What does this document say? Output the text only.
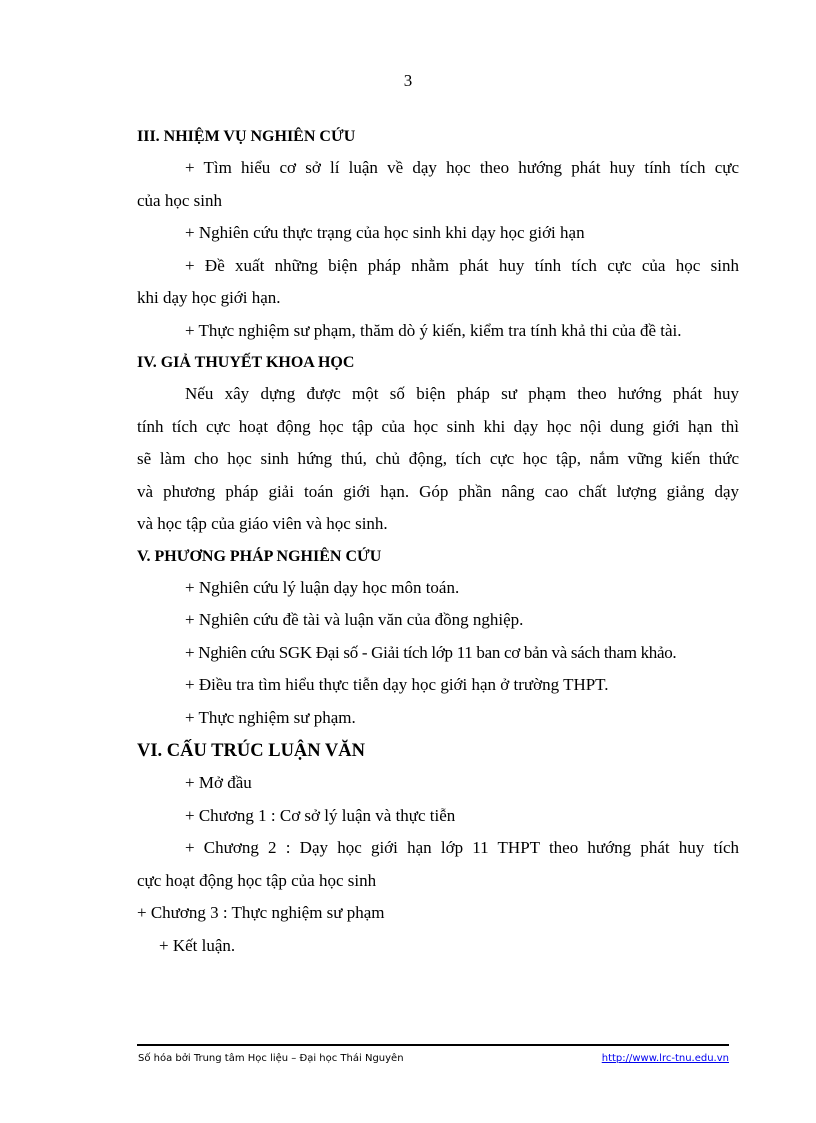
3
III. NHIỆM VỤ NGHIÊN CỨU
+ Tìm hiểu cơ sở lí luận về dạy học theo hướng phát huy tính tích cực
của học sinh
+ Nghiên cứu thực trạng của học sinh khi dạy học giới hạn
+ Đề xuất những biện pháp nhằm phát huy tính tích cực của học sinh
khi dạy học giới hạn.
+ Thực nghiệm sư phạm, thăm dò ý kiến, kiểm tra tính khả thi của đề tài.
IV. GIẢ THUYẾT KHOA HỌC
Nếu xây dựng được một số biện pháp sư phạm theo hướng phát huy
tính tích cực hoạt động học tập của học sinh khi dạy học nội dung giới hạn thì
sẽ làm cho học sinh hứng thú, chủ động, tích cực học tập, nắm vững kiến thức
và phương pháp giải toán giới hạn. Góp phần nâng cao chất lượng giảng dạy
và học tập của giáo viên và học sinh.
V. PHƯƠNG PHÁP NGHIÊN CỨU
+ Nghiên cứu lý luận dạy học môn toán.
+ Nghiên cứu đề tài và luận văn của đồng nghiệp.
+ Nghiên cứu SGK Đại số - Giải tích lớp 11 ban cơ bản và sách tham khảo.
+ Điều tra tìm hiểu thực tiễn dạy học giới hạn ở trường THPT.
+ Thực nghiệm sư phạm.
VI. CẤU TRÚC LUẬN VĂN
+ Mở đầu
+ Chương 1 : Cơ sở lý luận và thực tiễn
+ Chương 2 : Dạy học giới hạn lớp 11 THPT theo hướng phát huy tích
cực hoạt động học tập của học sinh
+ Chương 3 : Thực nghiệm sư phạm
+ Kết luận.
Số hóa bởi Trung tâm Học liệu – Đại học Thái Nguyên	http://www.lrc-tnu.edu.vn
